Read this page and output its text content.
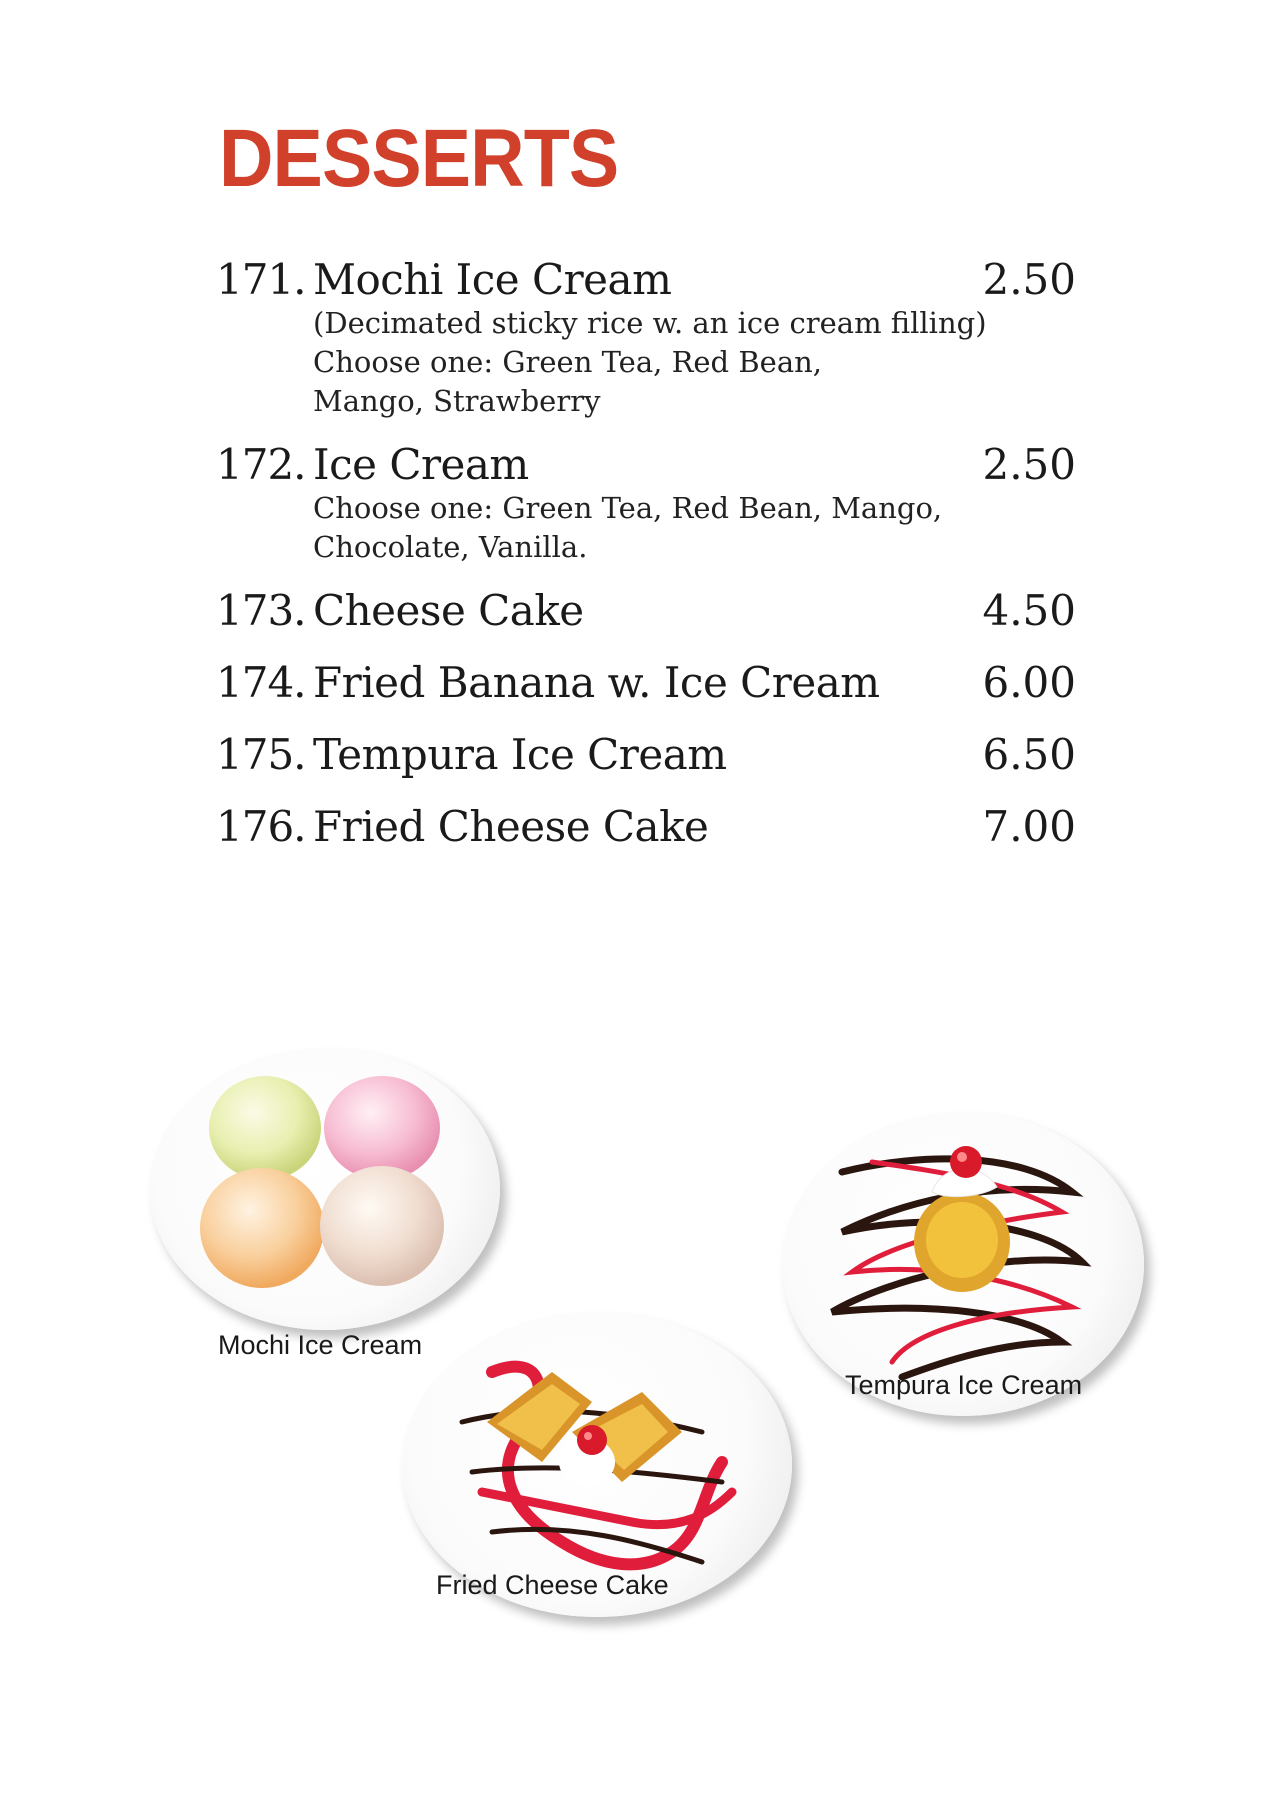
DESSERTS
171. Mochi Ice Cream	2.50
(Decimated sticky rice w. an ice cream filling)
Choose one: Green Tea, Red Bean,
Mango, Strawberry
172. Ice Cream	2.50
Choose one: Green Tea, Red Bean, Mango,
Chocolate, Vanilla.
173. Cheese Cake	4.50
174. Fried Banana w. Ice Cream	6.00
175. Tempura Ice Cream	6.50
176. Fried Cheese Cake	7.00
Mochi Ice Cream
Tempura Ice Cream
Fried Cheese Cake
